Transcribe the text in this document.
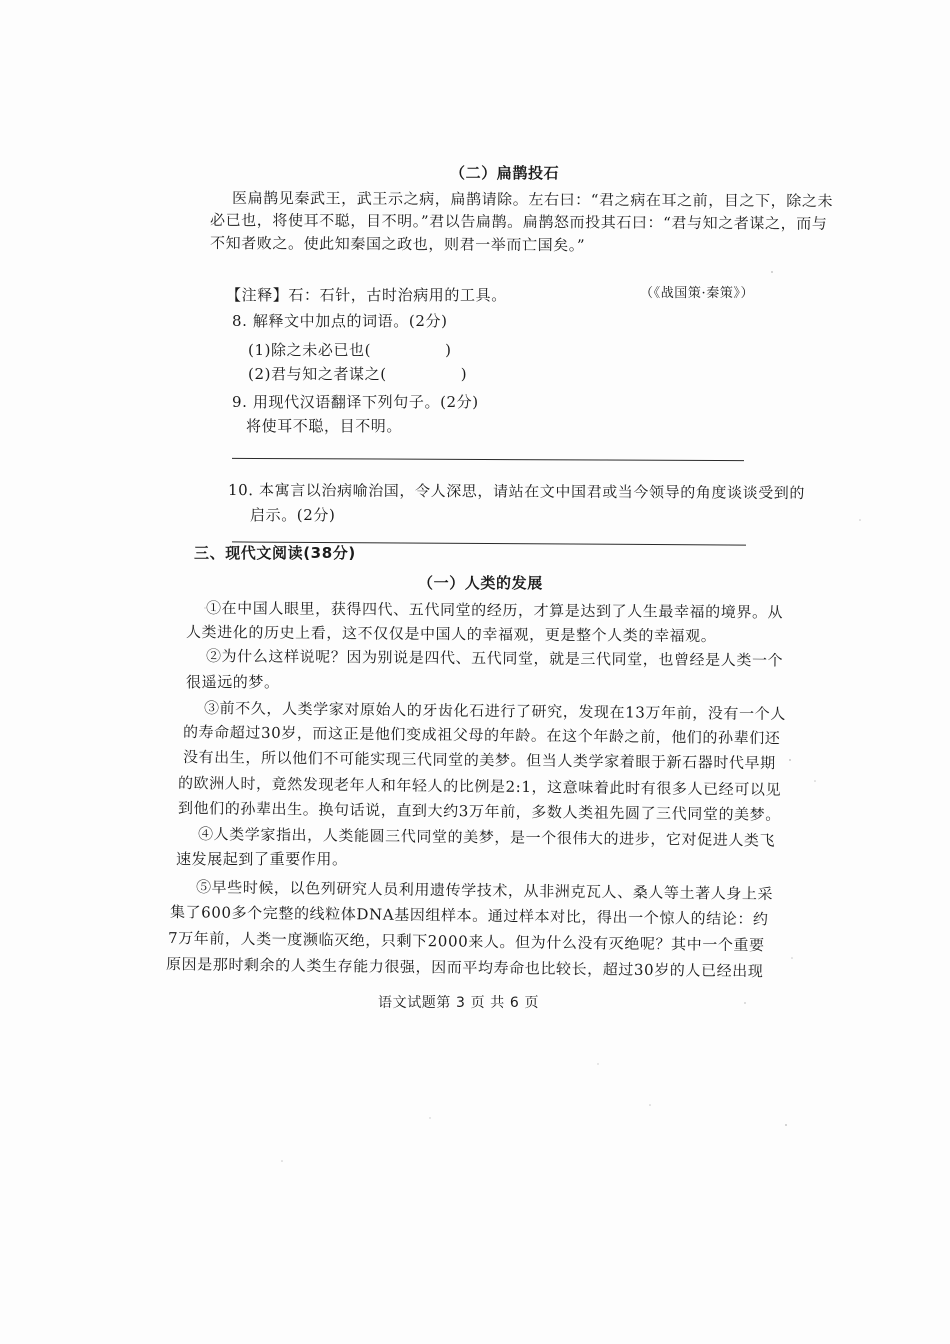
（二）扁鹊投石
医扁鹊见秦武王，武王示之病，扁鹊请除。左右曰：“君之病在耳之前，目之下，除之未
必已也，将使耳不聪，目不明。”君以告扁鹊。扁鹊怒而投其石曰：“君与知之者谋之，而与
不知者败之。使此知秦国之政也，则君一举而亡国矣。”
【注释】石：石针，古时治病用的工具。	（《战国策·秦策》）
8. 解释文中加点的词语。(2分)
(1)除之未必已也(	)
(2)君与知之者谋之(	)
9. 用现代汉语翻译下列句子。(2分)
将使耳不聪，目不明。
10. 本寓言以治病喻治国，令人深思，请站在文中国君或当今领导的角度谈谈受到的
启示。(2分)
三、现代文阅读(38分)
（一）人类的发展
①在中国人眼里，获得四代、五代同堂的经历，才算是达到了人生最幸福的境界。从
人类进化的历史上看，这不仅仅是中国人的幸福观，更是整个人类的幸福观。
②为什么这样说呢？因为别说是四代、五代同堂，就是三代同堂，也曾经是人类一个
很遥远的梦。
③前不久，人类学家对原始人的牙齿化石进行了研究，发现在13万年前，没有一个人
的寿命超过30岁，而这正是他们变成祖父母的年龄。在这个年龄之前，他们的孙辈们还
没有出生，所以他们不可能实现三代同堂的美梦。但当人类学家着眼于新石器时代早期
的欧洲人时，竟然发现老年人和年轻人的比例是2:1，这意味着此时有很多人已经可以见
到他们的孙辈出生。换句话说，直到大约3万年前，多数人类祖先圆了三代同堂的美梦。
④人类学家指出，人类能圆三代同堂的美梦，是一个很伟大的进步，它对促进人类飞
速发展起到了重要作用。
⑤早些时候，以色列研究人员利用遗传学技术，从非洲克瓦人、桑人等土著人身上采
集了600多个完整的线粒体DNA基因组样本。通过样本对比，得出一个惊人的结论：约
7万年前，人类一度濒临灭绝，只剩下2000来人。但为什么没有灭绝呢？其中一个重要
原因是那时剩余的人类生存能力很强，因而平均寿命也比较长，超过30岁的人已经出现
语文试题第 3 页 共 6 页
